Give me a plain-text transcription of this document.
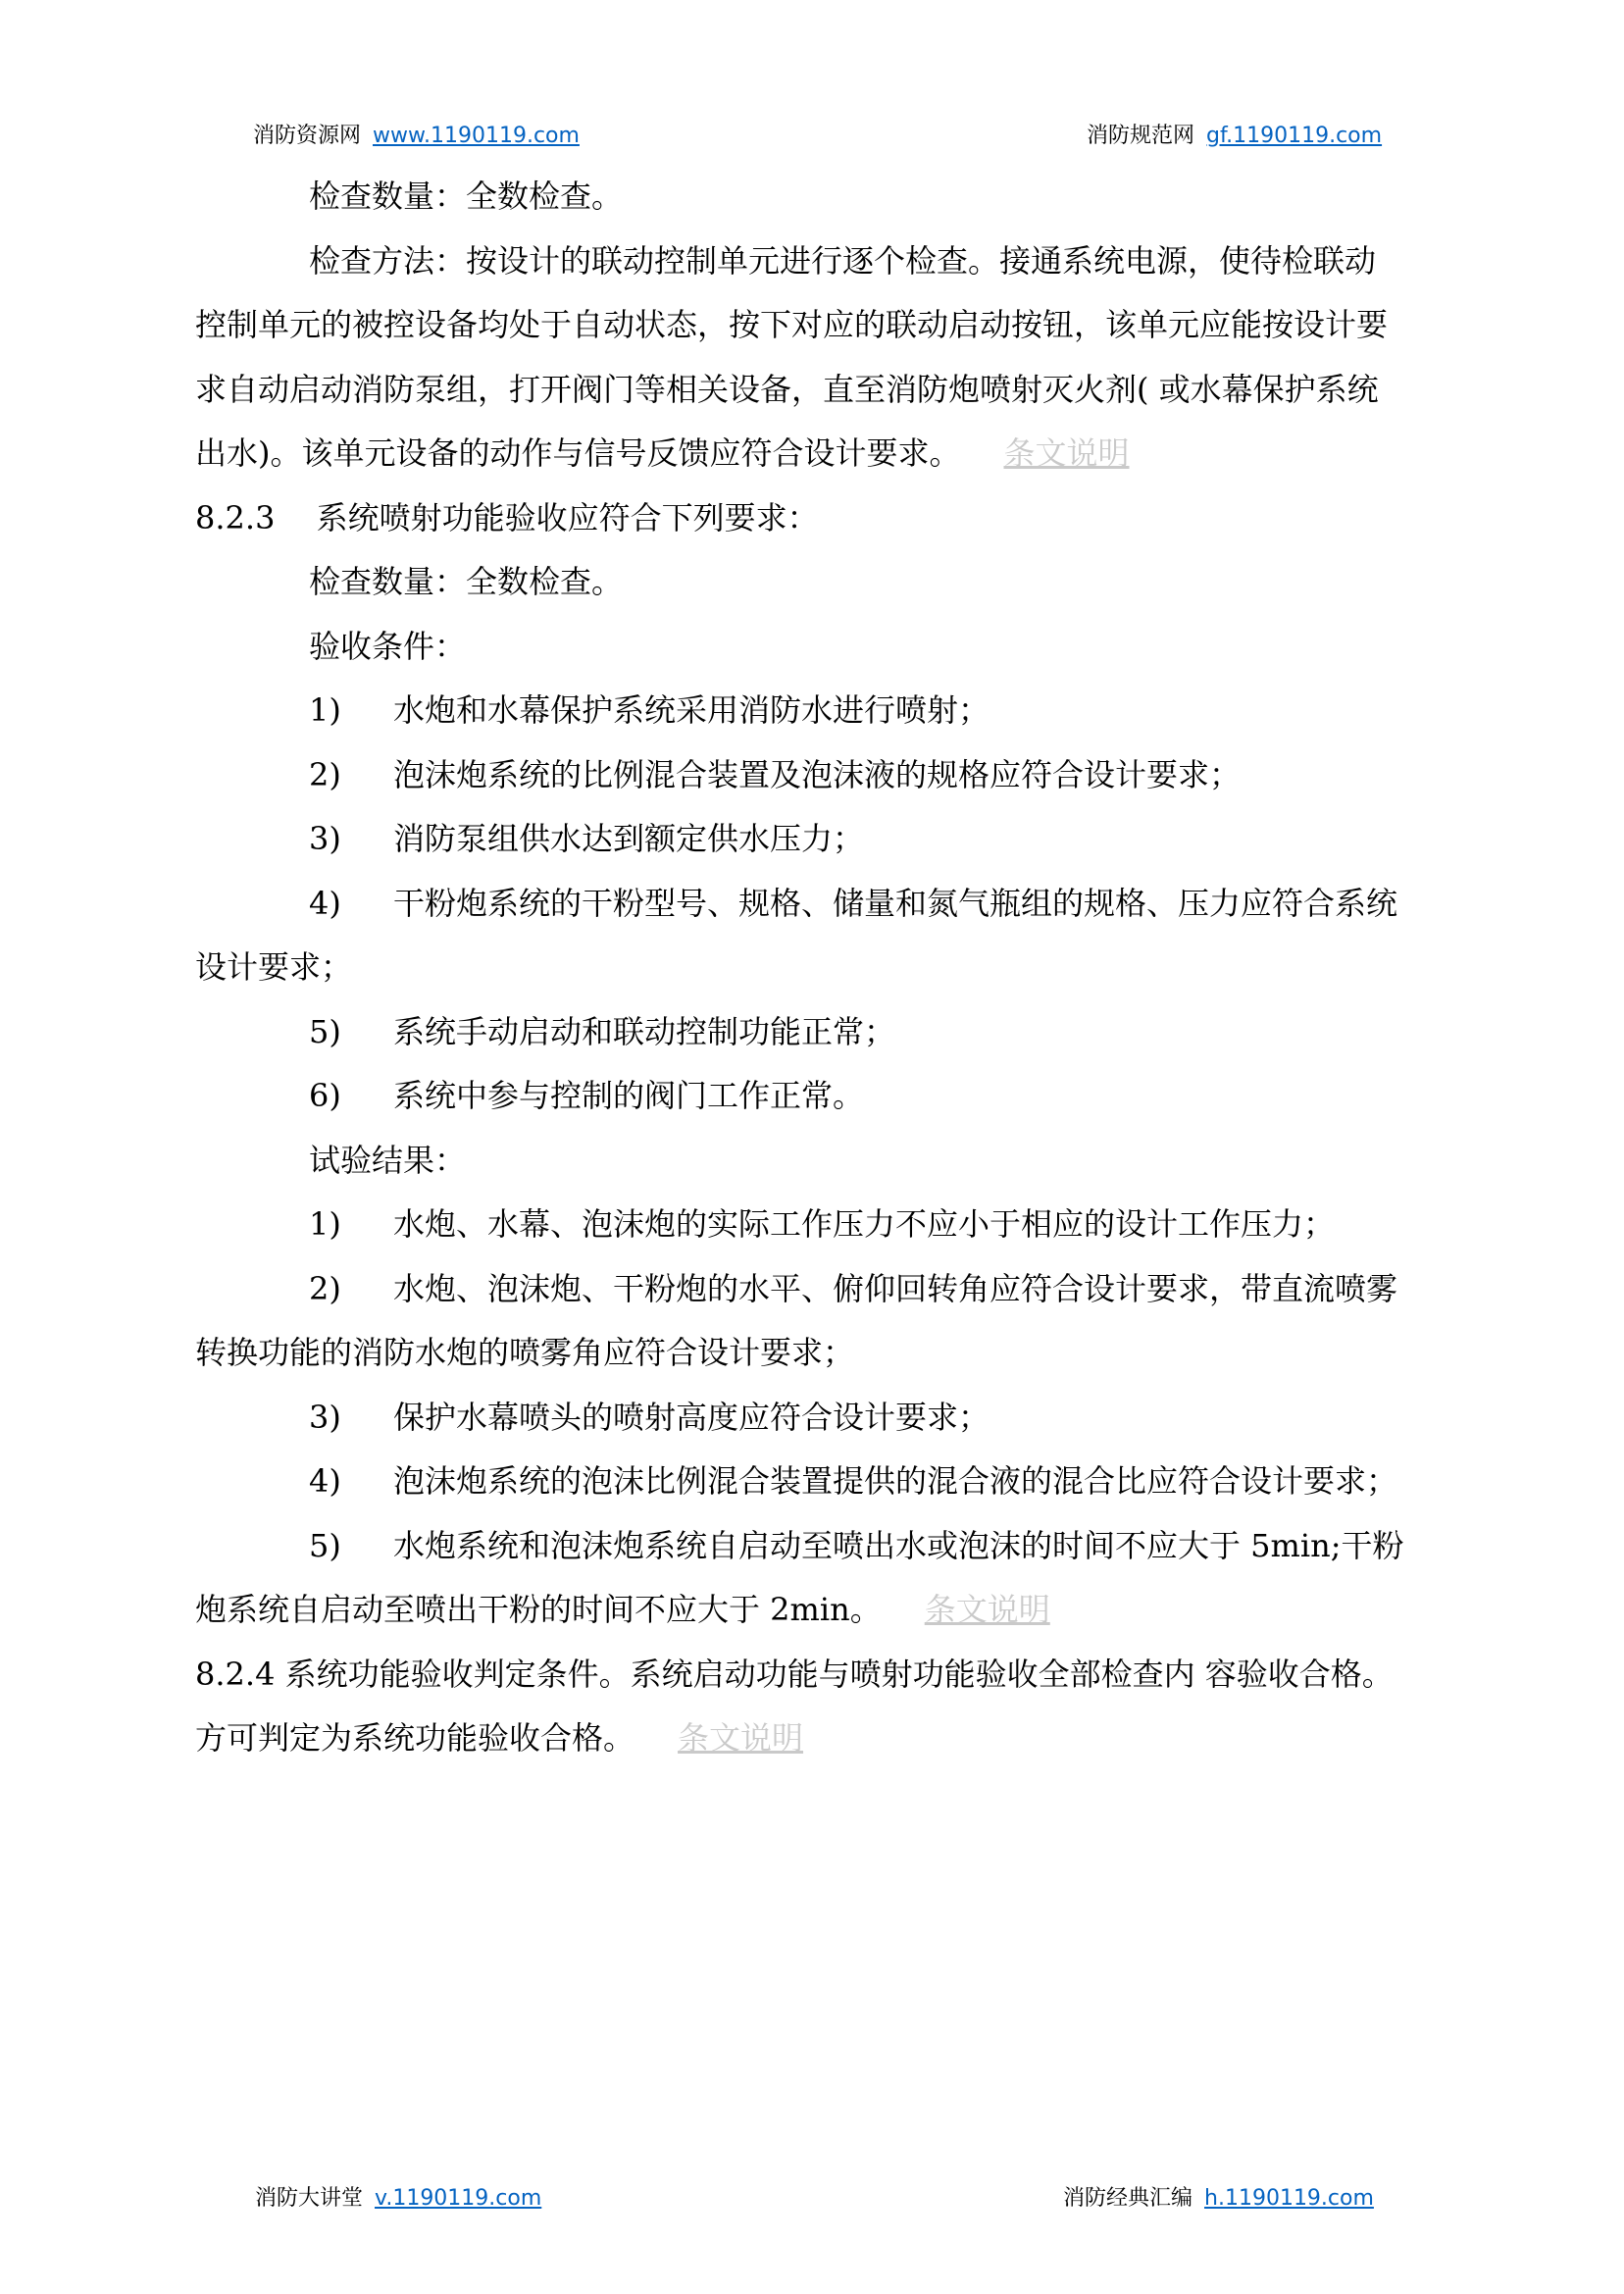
消防资源网 www.1190119.com	消防规范网 gf.1190119.com

检查数量：全数检查。

检查方法：按设计的联动控制单元进行逐个检查。接通系统电源，使待检联动

控制单元的被控设备均处于自动状态，按下对应的联动启动按钮，该单元应能按设计要

求自动启动消防泵组，打开阀门等相关设备，直至消防炮喷射灭火剂( 或水幕保护系统

出水)。该单元设备的动作与信号反馈应符合设计要求。 条文说明

8.2.3　 系统喷射功能验收应符合下列要求：

检查数量：全数检查。

验收条件：

1) 水炮和水幕保护系统采用消防水进行喷射；

2) 泡沫炮系统的比例混合装置及泡沫液的规格应符合设计要求；

3) 消防泵组供水达到额定供水压力；

4) 干粉炮系统的干粉型号、规格、储量和氮气瓶组的规格、压力应符合系统

设计要求；

5) 系统手动启动和联动控制功能正常；

6) 系统中参与控制的阀门工作正常。

试验结果：

1) 水炮、水幕、泡沫炮的实际工作压力不应小于相应的设计工作压力；

2) 水炮、泡沫炮、干粉炮的水平、俯仰回转角应符合设计要求，带直流喷雾

转换功能的消防水炮的喷雾角应符合设计要求；

3) 保护水幕喷头的喷射高度应符合设计要求；

4) 泡沫炮系统的泡沫比例混合装置提供的混合液的混合比应符合设计要求；

5) 水炮系统和泡沫炮系统自启动至喷出水或泡沫的时间不应大于 5min;干粉

炮系统自启动至喷出干粉的时间不应大于 2min。 条文说明

8.2.4 系统功能验收判定条件。系统启动功能与喷射功能验收全部检查内 容验收合格。

方可判定为系统功能验收合格。 条文说明

消防大讲堂 v.1190119.com	消防经典汇编 h.1190119.com
